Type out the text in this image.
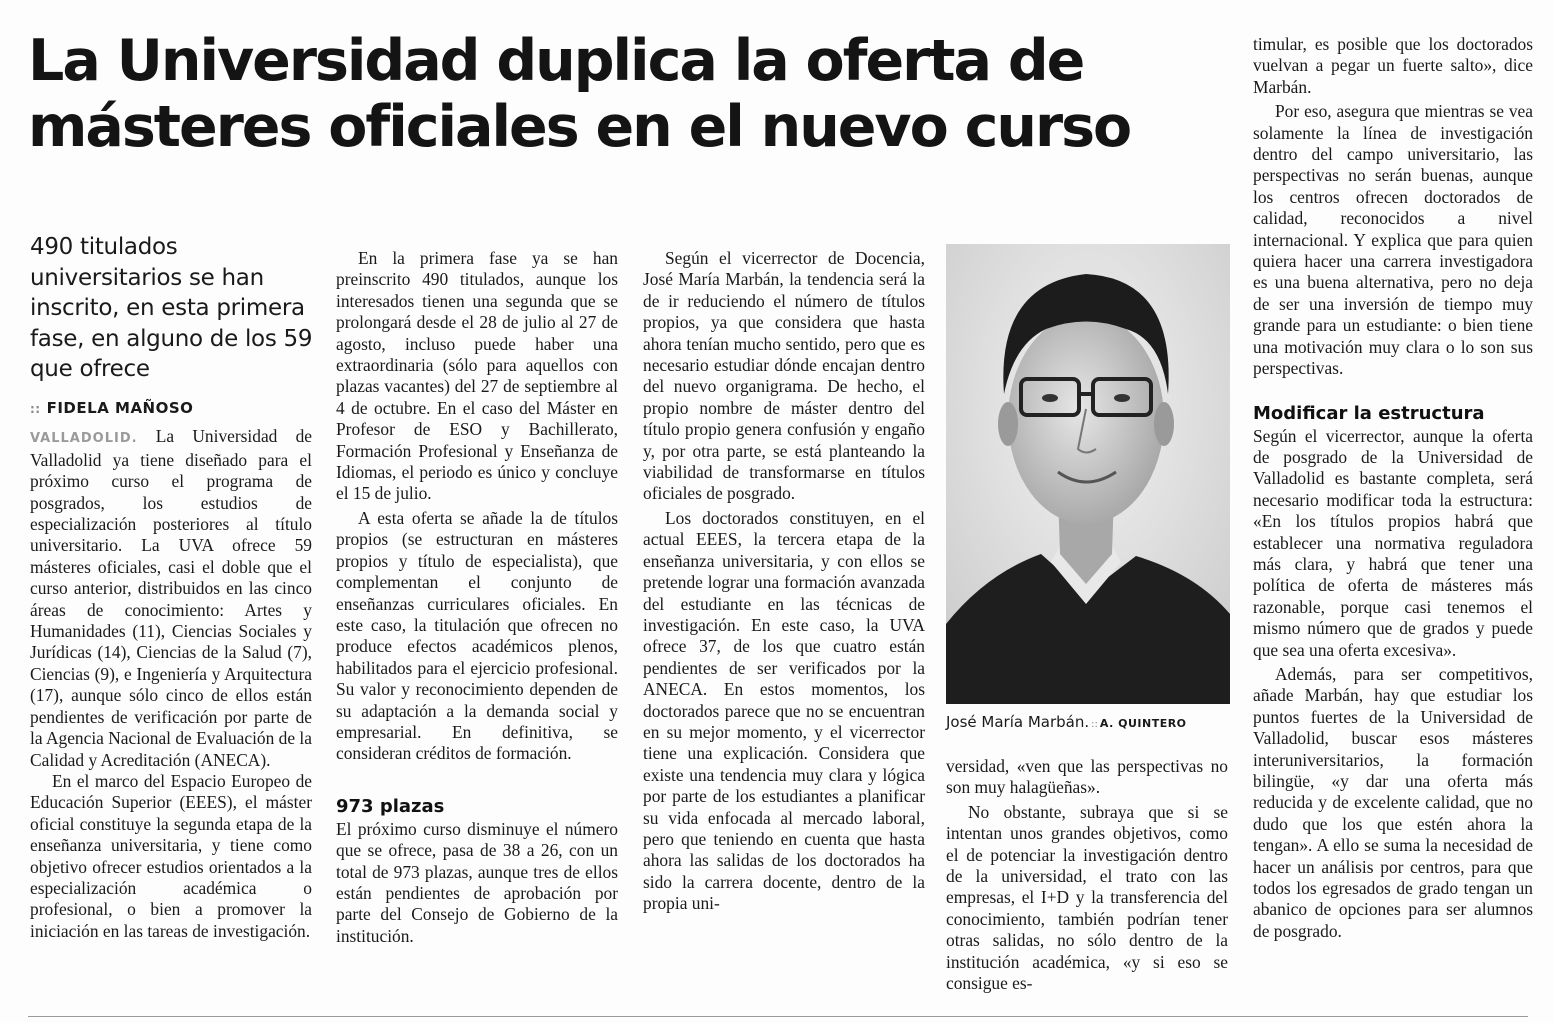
La Universidad duplica la oferta de másteres oficiales en el nuevo curso
490 titulados universitarios se han inscrito, en esta primera fase, en alguno de los 59 que ofrece

:: FIDELA MAÑOSO

VALLADOLID. La Universidad de Valladolid ya tiene diseñado para el próximo curso el programa de posgrados, los estudios de especialización posteriores al título universitario. La UVA ofrece 59 másteres oficiales, casi el doble que el curso anterior, distribuidos en las cinco áreas de conocimiento: Artes y Humanidades (11), Ciencias Sociales y Jurídicas (14), Ciencias de la Salud (7), Ciencias (9), e Ingeniería y Arquitectura (17), aunque sólo cinco de ellos están pendientes de verificación por parte de la Agencia Nacional de Evaluación de la Calidad y Acreditación (ANECA).

En el marco del Espacio Europeo de Educación Superior (EEES), el máster oficial constituye la segunda etapa de la enseñanza universitaria, y tiene como objetivo ofrecer estudios orientados a la especialización académica o profesional, o bien a promover la iniciación en las tareas de investigación.

En la primera fase ya se han preinscrito 490 titulados, aunque los interesados tienen una segunda que se prolongará desde el 28 de julio al 27 de agosto, incluso puede haber una extraordinaria (sólo para aquellos con plazas vacantes) del 27 de septiembre al 4 de octubre. En el caso del Máster en Profesor de ESO y Bachillerato, Formación Profesional y Enseñanza de Idiomas, el periodo es único y concluye el 15 de julio.

A esta oferta se añade la de títulos propios (se estructuran en másteres propios y título de especialista), que complementan el conjunto de enseñanzas curriculares oficiales. En este caso, la titulación que ofrecen no produce efectos académicos plenos, habilitados para el ejercicio profesional. Su valor y reconocimiento dependen de su adaptación a la demanda social y empresarial. En definitiva, se consideran créditos de formación.

973 plazas

El próximo curso disminuye el número que se ofrece, pasa de 38 a 26, con un total de 973 plazas, aunque tres de ellos están pendientes de aprobación por parte del Consejo de Gobierno de la institución.

Según el vicerrector de Docencia, José María Marbán, la tendencia será la de ir reduciendo el número de títulos propios, ya que considera que hasta ahora tenían mucho sentido, pero que es necesario estudiar dónde encajan dentro del nuevo organigrama. De hecho, el propio nombre de máster dentro del título propio genera confusión y engaño y, por otra parte, se está planteando la viabilidad de transformarse en títulos oficiales de posgrado.

Los doctorados constituyen, en el actual EEES, la tercera etapa de la enseñanza universitaria, y con ellos se pretende lograr una formación avanzada del estudiante en las técnicas de investigación. En este caso, la UVA ofrece 37, de los que cuatro están pendientes de ser verificados por la ANECA. En estos momentos, los doctorados parece que no se encuentran en su mejor momento, y el vicerrector tiene una explicación. Considera que existe una tendencia muy clara y lógica por parte de los estudiantes a planificar su vida enfocada al mercado laboral, pero que teniendo en cuenta que hasta ahora las salidas de los doctorados ha sido la carrera docente, dentro de la propia uni-

José María Marbán. :: A. QUINTERO

versidad, «ven que las perspectivas no son muy halagüeñas».

No obstante, subraya que si se intentan unos grandes objetivos, como el de potenciar la investigación dentro de la universidad, el trato con las empresas, el I+D y la transferencia del conocimiento, también podrían tener otras salidas, no sólo dentro de la institución académica, «y si eso se consigue es-

timular, es posible que los doctorados vuelvan a pegar un fuerte salto», dice Marbán.

Por eso, asegura que mientras se vea solamente la línea de investigación dentro del campo universitario, las perspectivas no serán buenas, aunque los centros ofrecen doctorados de calidad, reconocidos a nivel internacional. Y explica que para quien quiera hacer una carrera investigadora es una buena alternativa, pero no deja de ser una inversión de tiempo muy grande para un estudiante: o bien tiene una motivación muy clara o lo son sus perspectivas.

Modificar la estructura

Según el vicerrector, aunque la oferta de posgrado de la Universidad de Valladolid es bastante completa, será necesario modificar toda la estructura: «En los títulos propios habrá que establecer una normativa reguladora más clara, y habrá que tener una política de oferta de másteres más razonable, porque casi tenemos el mismo número que de grados y puede que sea una oferta excesiva».

Además, para ser competitivos, añade Marbán, hay que estudiar los puntos fuertes de la Universidad de Valladolid, buscar esos másteres interuniversitarios, la formación bilingüe, «y dar una oferta más reducida y de excelente calidad, que no dudo que los que estén ahora la tengan». A ello se suma la necesidad de hacer un análisis por centros, para que todos los egresados de grado tengan un abanico de opciones para ser alumnos de posgrado.
